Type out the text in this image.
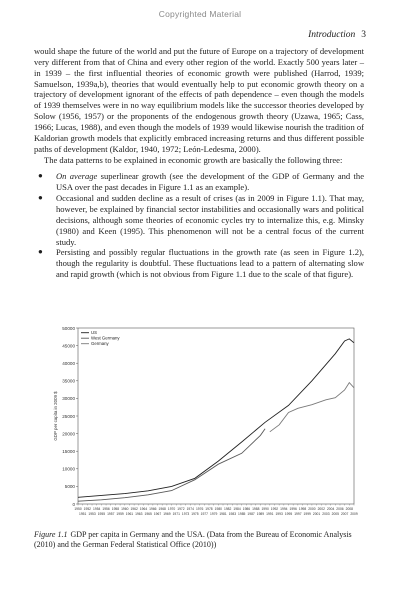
Copyrighted Material
Introduction 3

would shape the future of the world and put the future of Europe on a trajectory of development very different from that of China and every other region of the world. Exactly 500 years later – in 1939 – the first influential theories of economic growth were published (Harrod, 1939; Samuelson, 1939a,b), theories that would eventually help to put economic growth theory on a trajectory of development ignorant of the effects of path dependence – even though the models of 1939 themselves were in no way equilibrium models like the successor theories developed by Solow (1956, 1957) or the proponents of the endogenous growth theory (Uzawa, 1965; Cass, 1966; Lucas, 1988), and even though the models of 1939 would likewise nourish the tradition of Kaldorian growth models that explicitly embraced increasing returns and thus different possible paths of development (Kaldor, 1940, 1972; León-Ledesma, 2000).

The data patterns to be explained in economic growth are basically the following three:

● On average superlinear growth (see the development of the GDP of Germany and the USA over the past decades in Figure 1.1 as an example).
● Occasional and sudden decline as a result of crises (as in 2009 in Figure 1.1). That may, however, be explained by financial sector instabilities and occasionally wars and political decisions, although some theories of economic cycles try to internalize this, e.g. Minsky (1980) and Keen (1995). This phenomenon will not be a central focus of the current study.
● Persisting and possibly regular fluctuations in the growth rate (as seen in Figure 1.2), though the regularity is doubtful. These fluctuations lead to a pattern of alternating slow and rapid growth (which is not obvious from Figure 1.1 due to the scale of that figure).
0
5000
10000
15000
20000
25000
30000
35000
40000
45000
50000
1950
1951
1952
1953
1954
1955
1956
1957
1958
1959
1960
1961
1962
1963
1964
1965
1966
1967
1968
1969
1970
1971
1972
1973
1974
1975
1976
1977
1978
1979
1980
1981
1982
1983
1984
1985
1986
1987
1988
1989
1990
1991
1992
1993
1994
1995
1996
1997
1998
1999
2000
2001
2002
2003
2004
2005
2006
2007
2008
2009
GDP per capita in 2009 $
US
West Germany
Germany
Figure 1.1 GDP per capita in Germany and the USA. (Data from the Bureau of Economic Analysis (2010) and the German Federal Statistical Office (2010))
